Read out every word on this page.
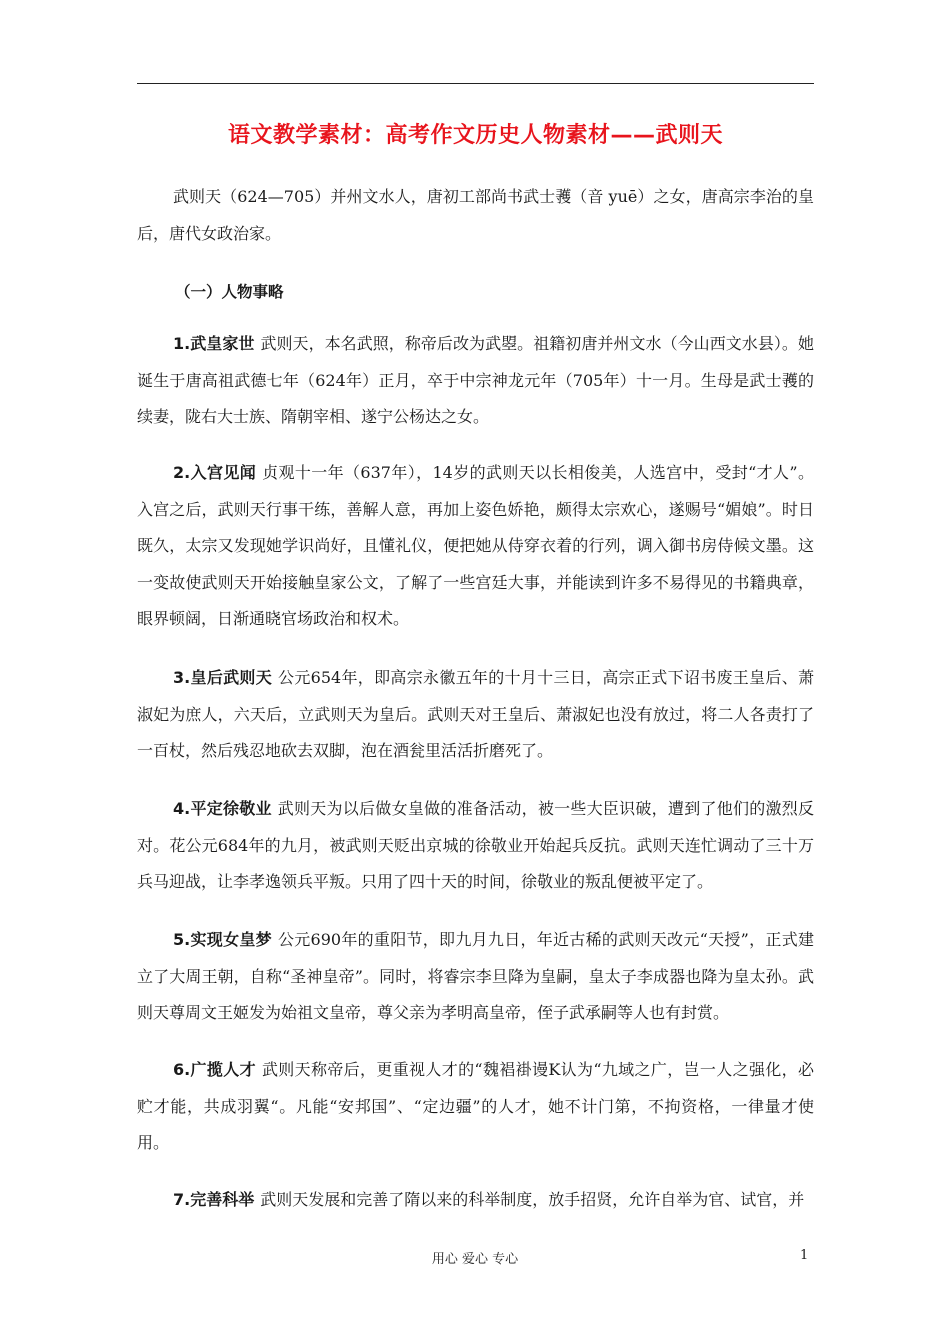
语文教学素材：高考作文历史人物素材——武则天

武则天（624—705）并州文水人，唐初工部尚书武士彟（音 yuē）之女，唐高宗李治的皇后，唐代女政治家。

（一）人物事略

1.武皇家世 武则天，本名武照，称帝后改为武曌。祖籍初唐并州文水（今山西文水县）。她诞生于唐高祖武德七年（624年）正月，卒于中宗神龙元年（705年）十一月。生母是武士彟的续妻，陇右大士族、隋朝宰相、遂宁公杨达之女。

2.入宫见闻 贞观十一年（637年），14岁的武则天以长相俊美，人选宫中，受封“才人”。入宫之后，武则天行事干练，善解人意，再加上姿色娇艳，颇得太宗欢心，遂赐号“媚娘”。时日既久，太宗又发现她学识尚好，且懂礼仪，便把她从侍穿衣着的行列，调入御书房侍候文墨。这一变故使武则天开始接触皇家公文，了解了一些宫廷大事，并能读到许多不易得见的书籍典章，眼界顿阔，日渐通晓官场政治和权术。

3.皇后武则天 公元654年，即高宗永徽五年的十月十三日，高宗正式下诏书废王皇后、萧淑妃为庶人，六天后，立武则天为皇后。武则天对王皇后、萧淑妃也没有放过，将二人各责打了一百杖，然后残忍地砍去双脚，泡在酒瓮里活活折磨死了。

4.平定徐敬业 武则天为以后做女皇做的准备活动，被一些大臣识破，遭到了他们的激烈反对。花公元684年的九月，被武则天贬出京城的徐敬业开始起兵反抗。武则天连忙调动了三十万兵马迎战，让李孝逸领兵平叛。只用了四十天的时间，徐敬业的叛乱便被平定了。

5.实现女皇梦 公元690年的重阳节，即九月九日，年近古稀的武则天改元“天授”，正式建立了大周王朝，自称“圣神皇帝”。同时，将睿宗李旦降为皇嗣，皇太子李成器也降为皇太孙。武则天尊周文王姬发为始祖文皇帝，尊父亲为孝明高皇帝，侄子武承嗣等人也有封赏。

6.广揽人才 武则天称帝后，更重视人才的“魏裮褂谩K认为“九域之广，岂一人之强化，必贮才能，共成羽翼“。凡能“安邦国”、“定边疆”的人才，她不计门第，不拘资格，一律量才使用。

7.完善科举 武则天发展和完善了隋以来的科举制度，放手招贤，允许自举为官、试官，并

用心 爱心 专心	1
